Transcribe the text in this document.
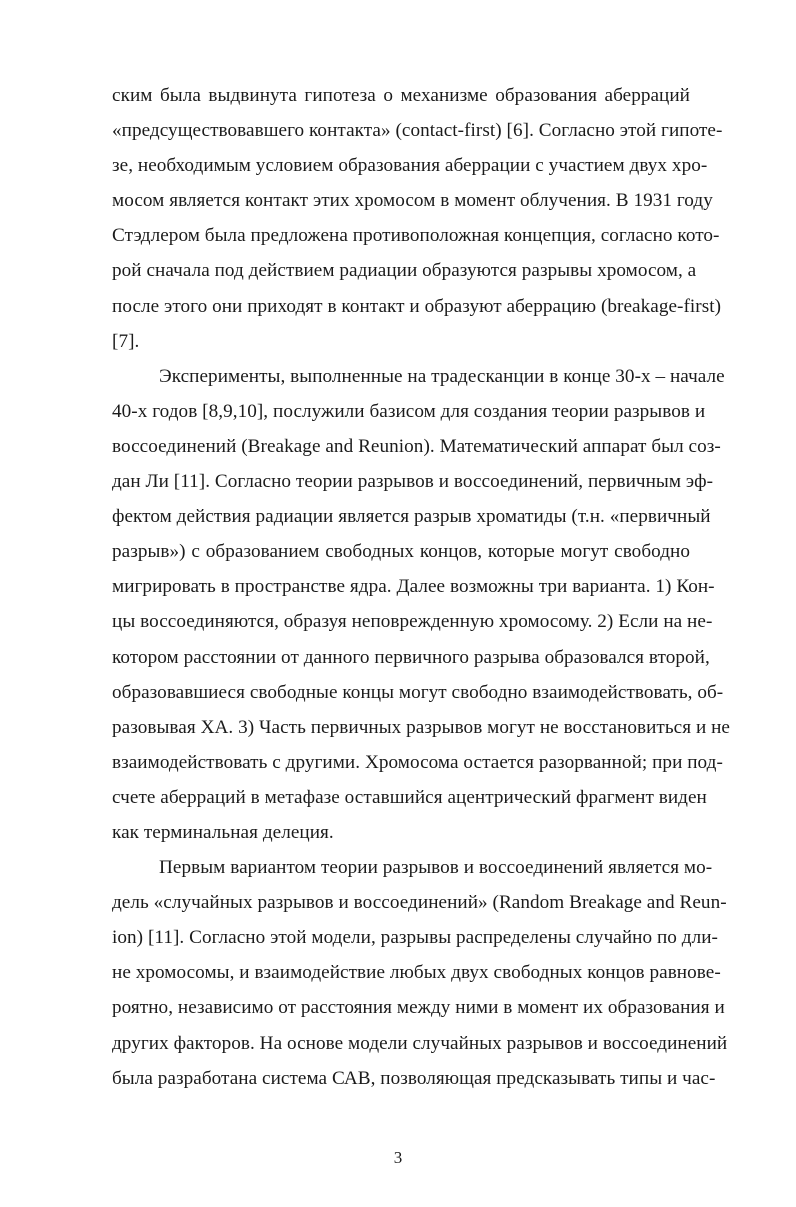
ским была выдвинута гипотеза о механизме образования аберраций
«предсуществовавшего контакта» (contact-first) [6]. Согласно этой гипоте-
зе, необходимым условием образования аберрации с участием двух хро-
мосом является контакт этих хромосом в момент облучения. В 1931 году
Стэдлером была предложена противоположная концепция, согласно кото-
рой сначала под действием радиации образуются разрывы хромосом, а
после этого они приходят в контакт и образуют аберрацию (breakage-first)
[7].

Эксперименты, выполненные на традесканции в конце 30-х – начале
40-х годов [8,9,10], послужили базисом для создания теории разрывов и
воссоединений (Breakage and Reunion). Математический аппарат был соз-
дан Ли [11]. Согласно теории разрывов и воссоединений, первичным эф-
фектом действия радиации является разрыв хроматиды (т.н. «первичный
разрыв») с образованием свободных концов, которые могут свободно
мигрировать в пространстве ядра. Далее возможны три варианта. 1) Кон-
цы воссоединяются, образуя неповрежденную хромосому. 2) Если на не-
котором расстоянии от данного первичного разрыва образовался второй,
образовавшиеся свободные концы могут свободно взаимодействовать, об-
разовывая ХА. 3) Часть первичных разрывов могут не восстановиться и не
взаимодействовать с другими. Хромосома остается разорванной; при под-
счете аберраций в метафазе оставшийся ацентрический фрагмент виден
как терминальная делеция.

Первым вариантом теории разрывов и воссоединений является мо-
дель «случайных разрывов и воссоединений» (Random Breakage and Reun-
ion) [11]. Согласно этой модели, разрывы распределены случайно по дли-
не хромосомы, и взаимодействие любых двух свободных концов равнове-
роятно, независимо от расстояния между ними в момент их образования и
других факторов. На основе модели случайных разрывов и воссоединений
была разработана система САВ, позволяющая предсказывать типы и час-

3
